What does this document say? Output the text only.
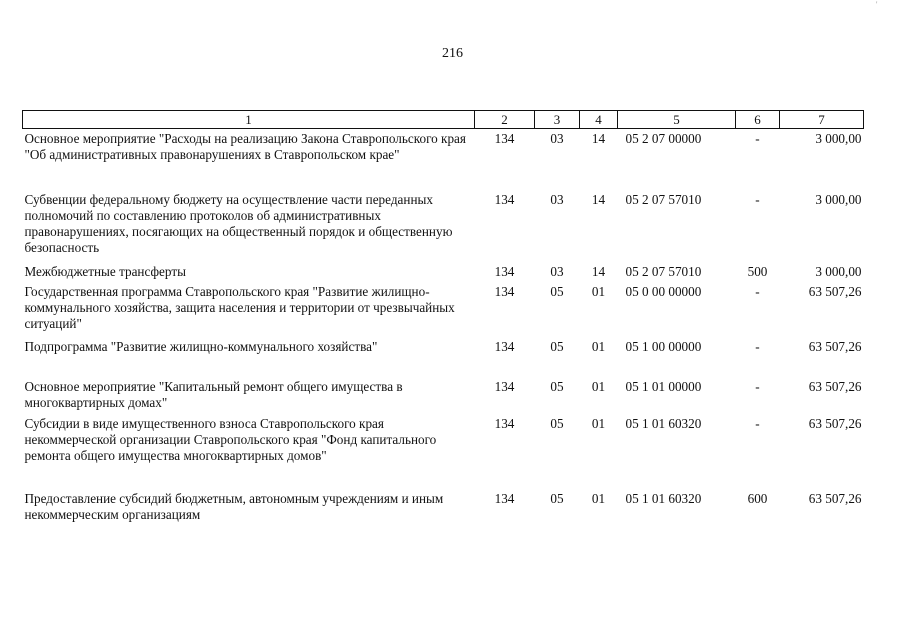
216
'
1	2	3	4	5	6	7
Основное мероприятие "Расходы на реализацию Закона Ставропольского края "Об административных правонарушениях в Ставропольском крае"	134	03	14	05 2 07 00000	-	3 000,00
Субвенции федеральному бюджету на осуществление части переданных полномочий по составлению протоколов об административных правонарушениях, посягающих на общественный порядок и общественную безопасность	134	03	14	05 2 07 57010	-	3 000,00
Межбюджетные трансферты	134	03	14	05 2 07 57010	500	3 000,00
Государственная программа Ставропольского края "Развитие жилищно-коммунального хозяйства, защита населения и территории от чрезвычайных ситуаций"	134	05	01	05 0 00 00000	-	63 507,26
Подпрограмма "Развитие жилищно-коммунального хозяйства"	134	05	01	05 1 00 00000	-	63 507,26
Основное мероприятие "Капитальный ремонт общего имущества в многоквартирных домах"	134	05	01	05 1 01 00000	-	63 507,26
Субсидии в виде имущественного взноса Ставропольского края некоммерческой организации Ставропольского края "Фонд капитального ремонта общего имущества многоквартирных домов"	134	05	01	05 1 01 60320	-	63 507,26
Предоставление субсидий бюджетным, автономным учреждениям и иным некоммерческим организациям	134	05	01	05 1 01 60320	600	63 507,26
